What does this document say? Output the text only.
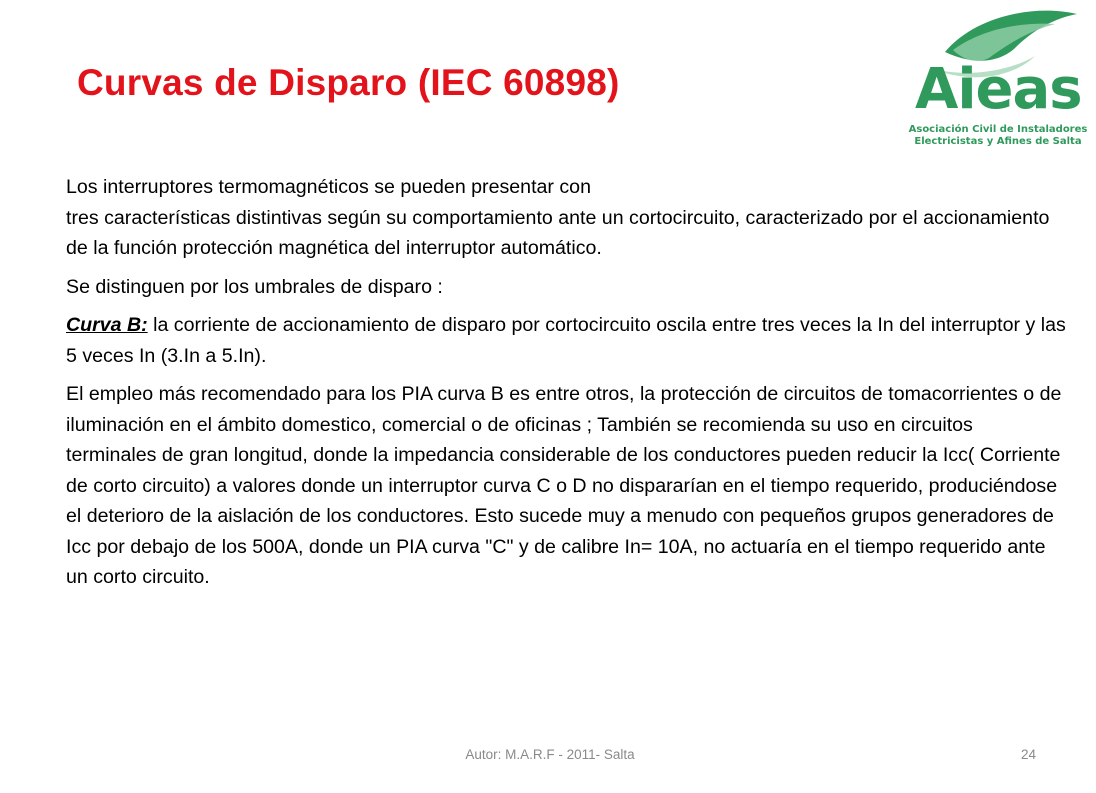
Curvas de Disparo (IEC 60898)	Aieas
Asociación Civil de Instaladores
Electricistas y Afines de Salta

Los interruptores termomagnéticos se pueden presentar con
tres características distintivas según su comportamiento ante un cortocircuito, caracterizado por el accionamiento de la función protección magnética del interruptor automático.

Se distinguen por los umbrales de disparo :

Curva B: la corriente de accionamiento de disparo por cortocircuito oscila entre tres veces la In del interruptor y las 5 veces In (3.In a 5.In).

El empleo más recomendado para los PIA curva B es entre otros, la protección de circuitos de tomacorrientes o de iluminación en el ámbito domestico, comercial o de oficinas ; También se recomienda su uso en circuitos terminales de gran longitud, donde la impedancia considerable de los conductores pueden reducir la Icc( Corriente de corto circuito) a valores donde un interruptor curva C o D no dispararían en el tiempo requerido, produciéndose el deterioro de la aislación de los conductores. Esto sucede muy a menudo con pequeños grupos generadores de Icc por debajo de los 500A, donde un PIA curva "C" y de calibre In= 10A, no actuaría en el tiempo requerido ante un corto circuito.

Autor: M.A.R.F - 2011- Salta	24
